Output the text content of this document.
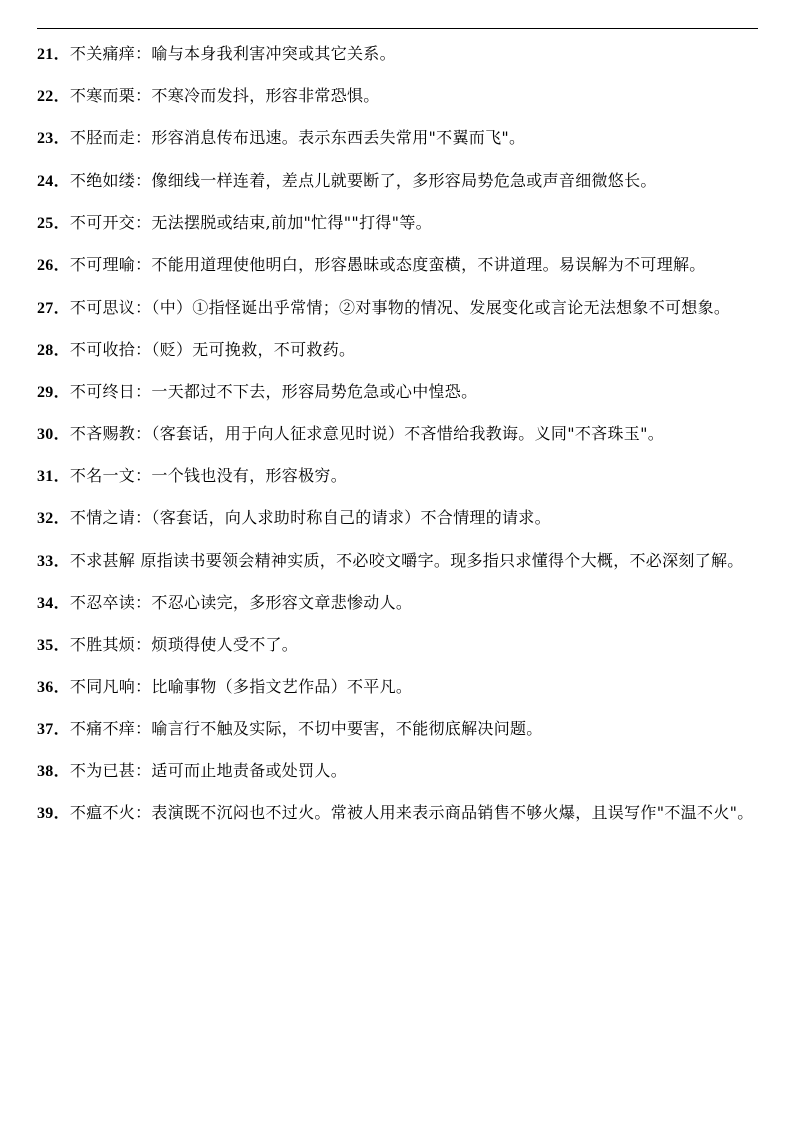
21．不关痛痒：喻与本身我利害冲突或其它关系。

22．不寒而栗：不寒冷而发抖，形容非常恐惧。

23．不胫而走：形容消息传布迅速。表示东西丢失常用"不翼而飞"。

24．不绝如缕：像细线一样连着，差点儿就要断了，多形容局势危急或声音细微悠长。

25．不可开交：无法摆脱或结束,前加"忙得""打得"等。

26．不可理喻：不能用道理使他明白，形容愚昧或态度蛮横，不讲道理。易误解为不可理解。

27．不可思议：（中）①指怪诞出乎常情；②对事物的情况、发展变化或言论无法想象不可想象。

28．不可收拾：（贬）无可挽救，不可救药。

29．不可终日：一天都过不下去，形容局势危急或心中惶恐。

30．不吝赐教：（客套话，用于向人征求意见时说）不吝惜给我教诲。义同"不吝珠玉"。

31．不名一文：一个钱也没有，形容极穷。

32．不情之请：（客套话，向人求助时称自己的请求）不合情理的请求。

33．不求甚解 原指读书要领会精神实质，不必咬文嚼字。现多指只求懂得个大概，不必深刻了解。

34．不忍卒读：不忍心读完，多形容文章悲惨动人。

35．不胜其烦：烦琐得使人受不了。

36．不同凡响：比喻事物（多指文艺作品）不平凡。

37．不痛不痒：喻言行不触及实际，不切中要害，不能彻底解决问题。

38．不为已甚：适可而止地责备或处罚人。

39．不瘟不火：表演既不沉闷也不过火。常被人用来表示商品销售不够火爆，且误写作"不温不火"。
